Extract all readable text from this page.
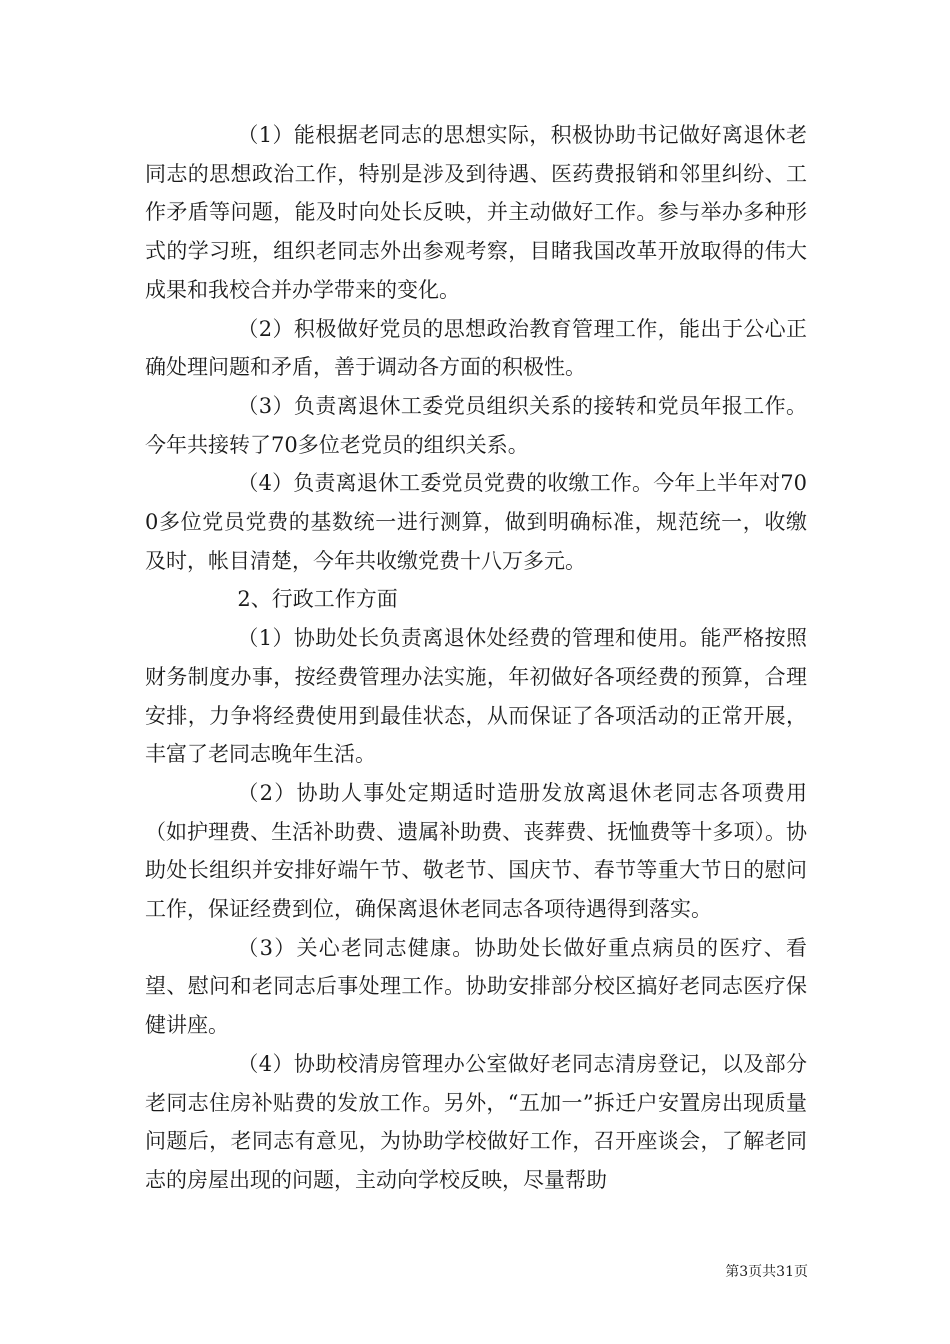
（1）能根据老同志的思想实际，积极协助书记做好离退休老同志的思想政治工作，特别是涉及到待遇、医药费报销和邻里纠纷、工作矛盾等问题，能及时向处长反映，并主动做好工作。参与举办多种形式的学习班，组织老同志外出参观考察，目睹我国改革开放取得的伟大成果和我校合并办学带来的变化。

（2）积极做好党员的思想政治教育管理工作，能出于公心正确处理问题和矛盾，善于调动各方面的积极性。

（3）负责离退休工委党员组织关系的接转和党员年报工作。今年共接转了70多位老党员的组织关系。

（4）负责离退休工委党员党费的收缴工作。今年上半年对700多位党员党费的基数统一进行测算，做到明确标准，规范统一，收缴及时，帐目清楚，今年共收缴党费十八万多元。

2、行政工作方面

（1）协助处长负责离退休处经费的管理和使用。能严格按照财务制度办事，按经费管理办法实施，年初做好各项经费的预算，合理安排，力争将经费使用到最佳状态，从而保证了各项活动的正常开展，丰富了老同志晚年生活。

（2）协助人事处定期适时造册发放离退休老同志各项费用（如护理费、生活补助费、遗属补助费、丧葬费、抚恤费等十多项）。协助处长组织并安排好端午节、敬老节、国庆节、春节等重大节日的慰问工作，保证经费到位，确保离退休老同志各项待遇得到落实。

（3）关心老同志健康。协助处长做好重点病员的医疗、看望、慰问和老同志后事处理工作。协助安排部分校区搞好老同志医疗保健讲座。

（4）协助校清房管理办公室做好老同志清房登记，以及部分老同志住房补贴费的发放工作。另外，“五加一”拆迁户安置房出现质量问题后，老同志有意见，为协助学校做好工作，召开座谈会，了解老同志的房屋出现的问题，主动向学校反映，尽量帮助

第3页共31页
